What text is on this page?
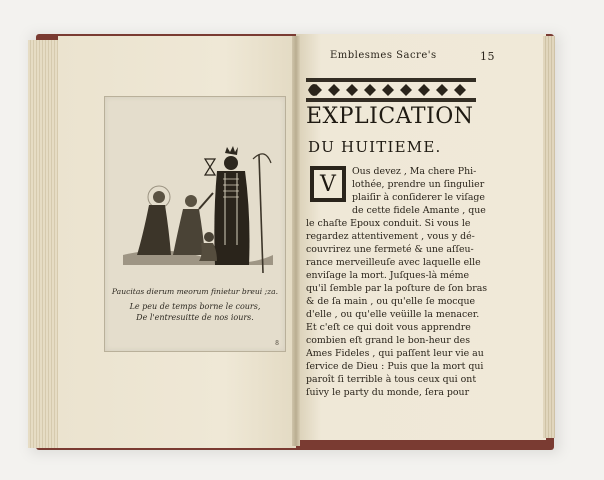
Paucitas dierum meorum finietur breui ;za.
Le peu de temps borne le cours,
De l'entresuitte de nos iours.
8
Emblesmes Sacre's	15
EXPLICATION
DU HUITIEME.
V	Ous devez , Ma chere Phi-
lothée, prendre un ſingulier
plaiſir à conſiderer le viſage
de cette fidele Amante , que
le chaſte Epoux conduit. Si vous le
regardez attentivement , vous y dé-
couvrirez une fermeté & une aſſeu-
rance merveilleuſe avec laquelle elle
enviſage la mort. Juſques-là méme
qu'il ſemble par la poſture de ſon bras
& de ſa main , ou qu'elle ſe mocque
d'elle , ou qu'elle veüille la menacer.
Et c'eſt ce qui doit vous apprendre
combien eſt grand le bon-heur des
Ames Fideles , qui paſſent leur vie au
ſervice de Dieu : Puis que la mort qui
paroît ſi terrible à tous ceux qui ont
ſuivy le party du monde, ſera pour
